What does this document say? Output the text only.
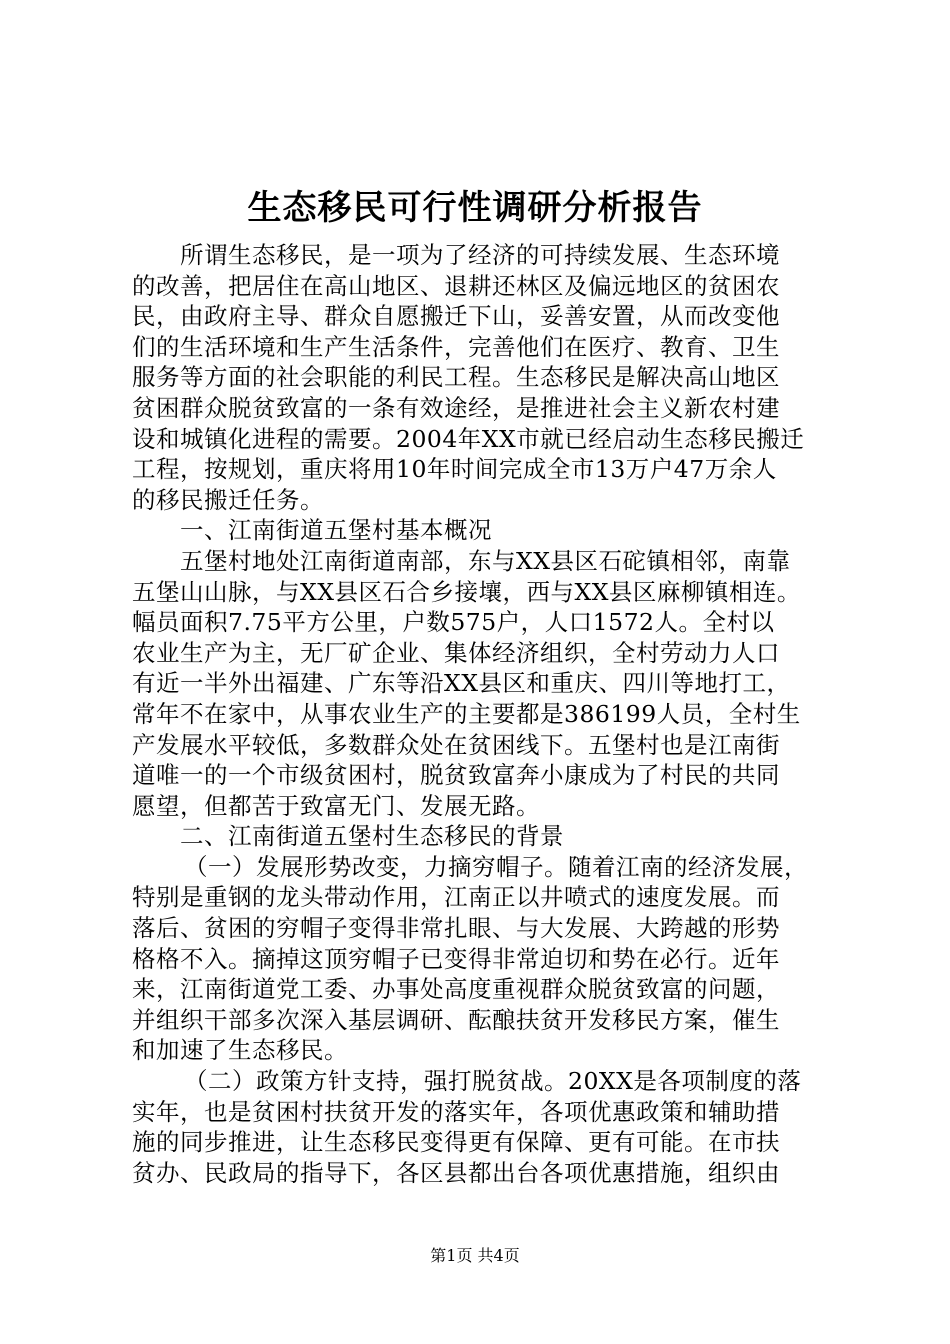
生态移民可行性调研分析报告
所谓生态移民，是一项为了经济的可持续发展、生态环境
的改善，把居住在高山地区、退耕还林区及偏远地区的贫困农
民，由政府主导、群众自愿搬迁下山，妥善安置，从而改变他
们的生活环境和生产生活条件，完善他们在医疗、教育、卫生
服务等方面的社会职能的利民工程。生态移民是解决高山地区
贫困群众脱贫致富的一条有效途经，是推进社会主义新农村建
设和城镇化进程的需要。2004年XX市就已经启动生态移民搬迁
工程，按规划，重庆将用10年时间完成全市13万户47万余人
的移民搬迁任务。
一、江南街道五堡村基本概况
五堡村地处江南街道南部，东与XX县区石砣镇相邻，南靠
五堡山山脉，与XX县区石合乡接壤，西与XX县区麻柳镇相连。
幅员面积7.75平方公里，户数575户，人口1572人。全村以
农业生产为主，无厂矿企业、集体经济组织，全村劳动力人口
有近一半外出福建、广东等沿XX县区和重庆、四川等地打工，
常年不在家中，从事农业生产的主要都是386199人员，全村生
产发展水平较低，多数群众处在贫困线下。五堡村也是江南街
道唯一的一个市级贫困村，脱贫致富奔小康成为了村民的共同
愿望，但都苦于致富无门、发展无路。
二、江南街道五堡村生态移民的背景
（一）发展形势改变，力摘穷帽子。随着江南的经济发展，
特别是重钢的龙头带动作用，江南正以井喷式的速度发展。而
落后、贫困的穷帽子变得非常扎眼、与大发展、大跨越的形势
格格不入。摘掉这顶穷帽子已变得非常迫切和势在必行。近年
来，江南街道党工委、办事处高度重视群众脱贫致富的问题，
并组织干部多次深入基层调研、酝酿扶贫开发移民方案，催生
和加速了生态移民。
（二）政策方针支持，强打脱贫战。20XX是各项制度的落
实年，也是贫困村扶贫开发的落实年，各项优惠政策和辅助措
施的同步推进，让生态移民变得更有保障、更有可能。在市扶
贫办、民政局的指导下，各区县都出台各项优惠措施，组织由
第1页 共4页
